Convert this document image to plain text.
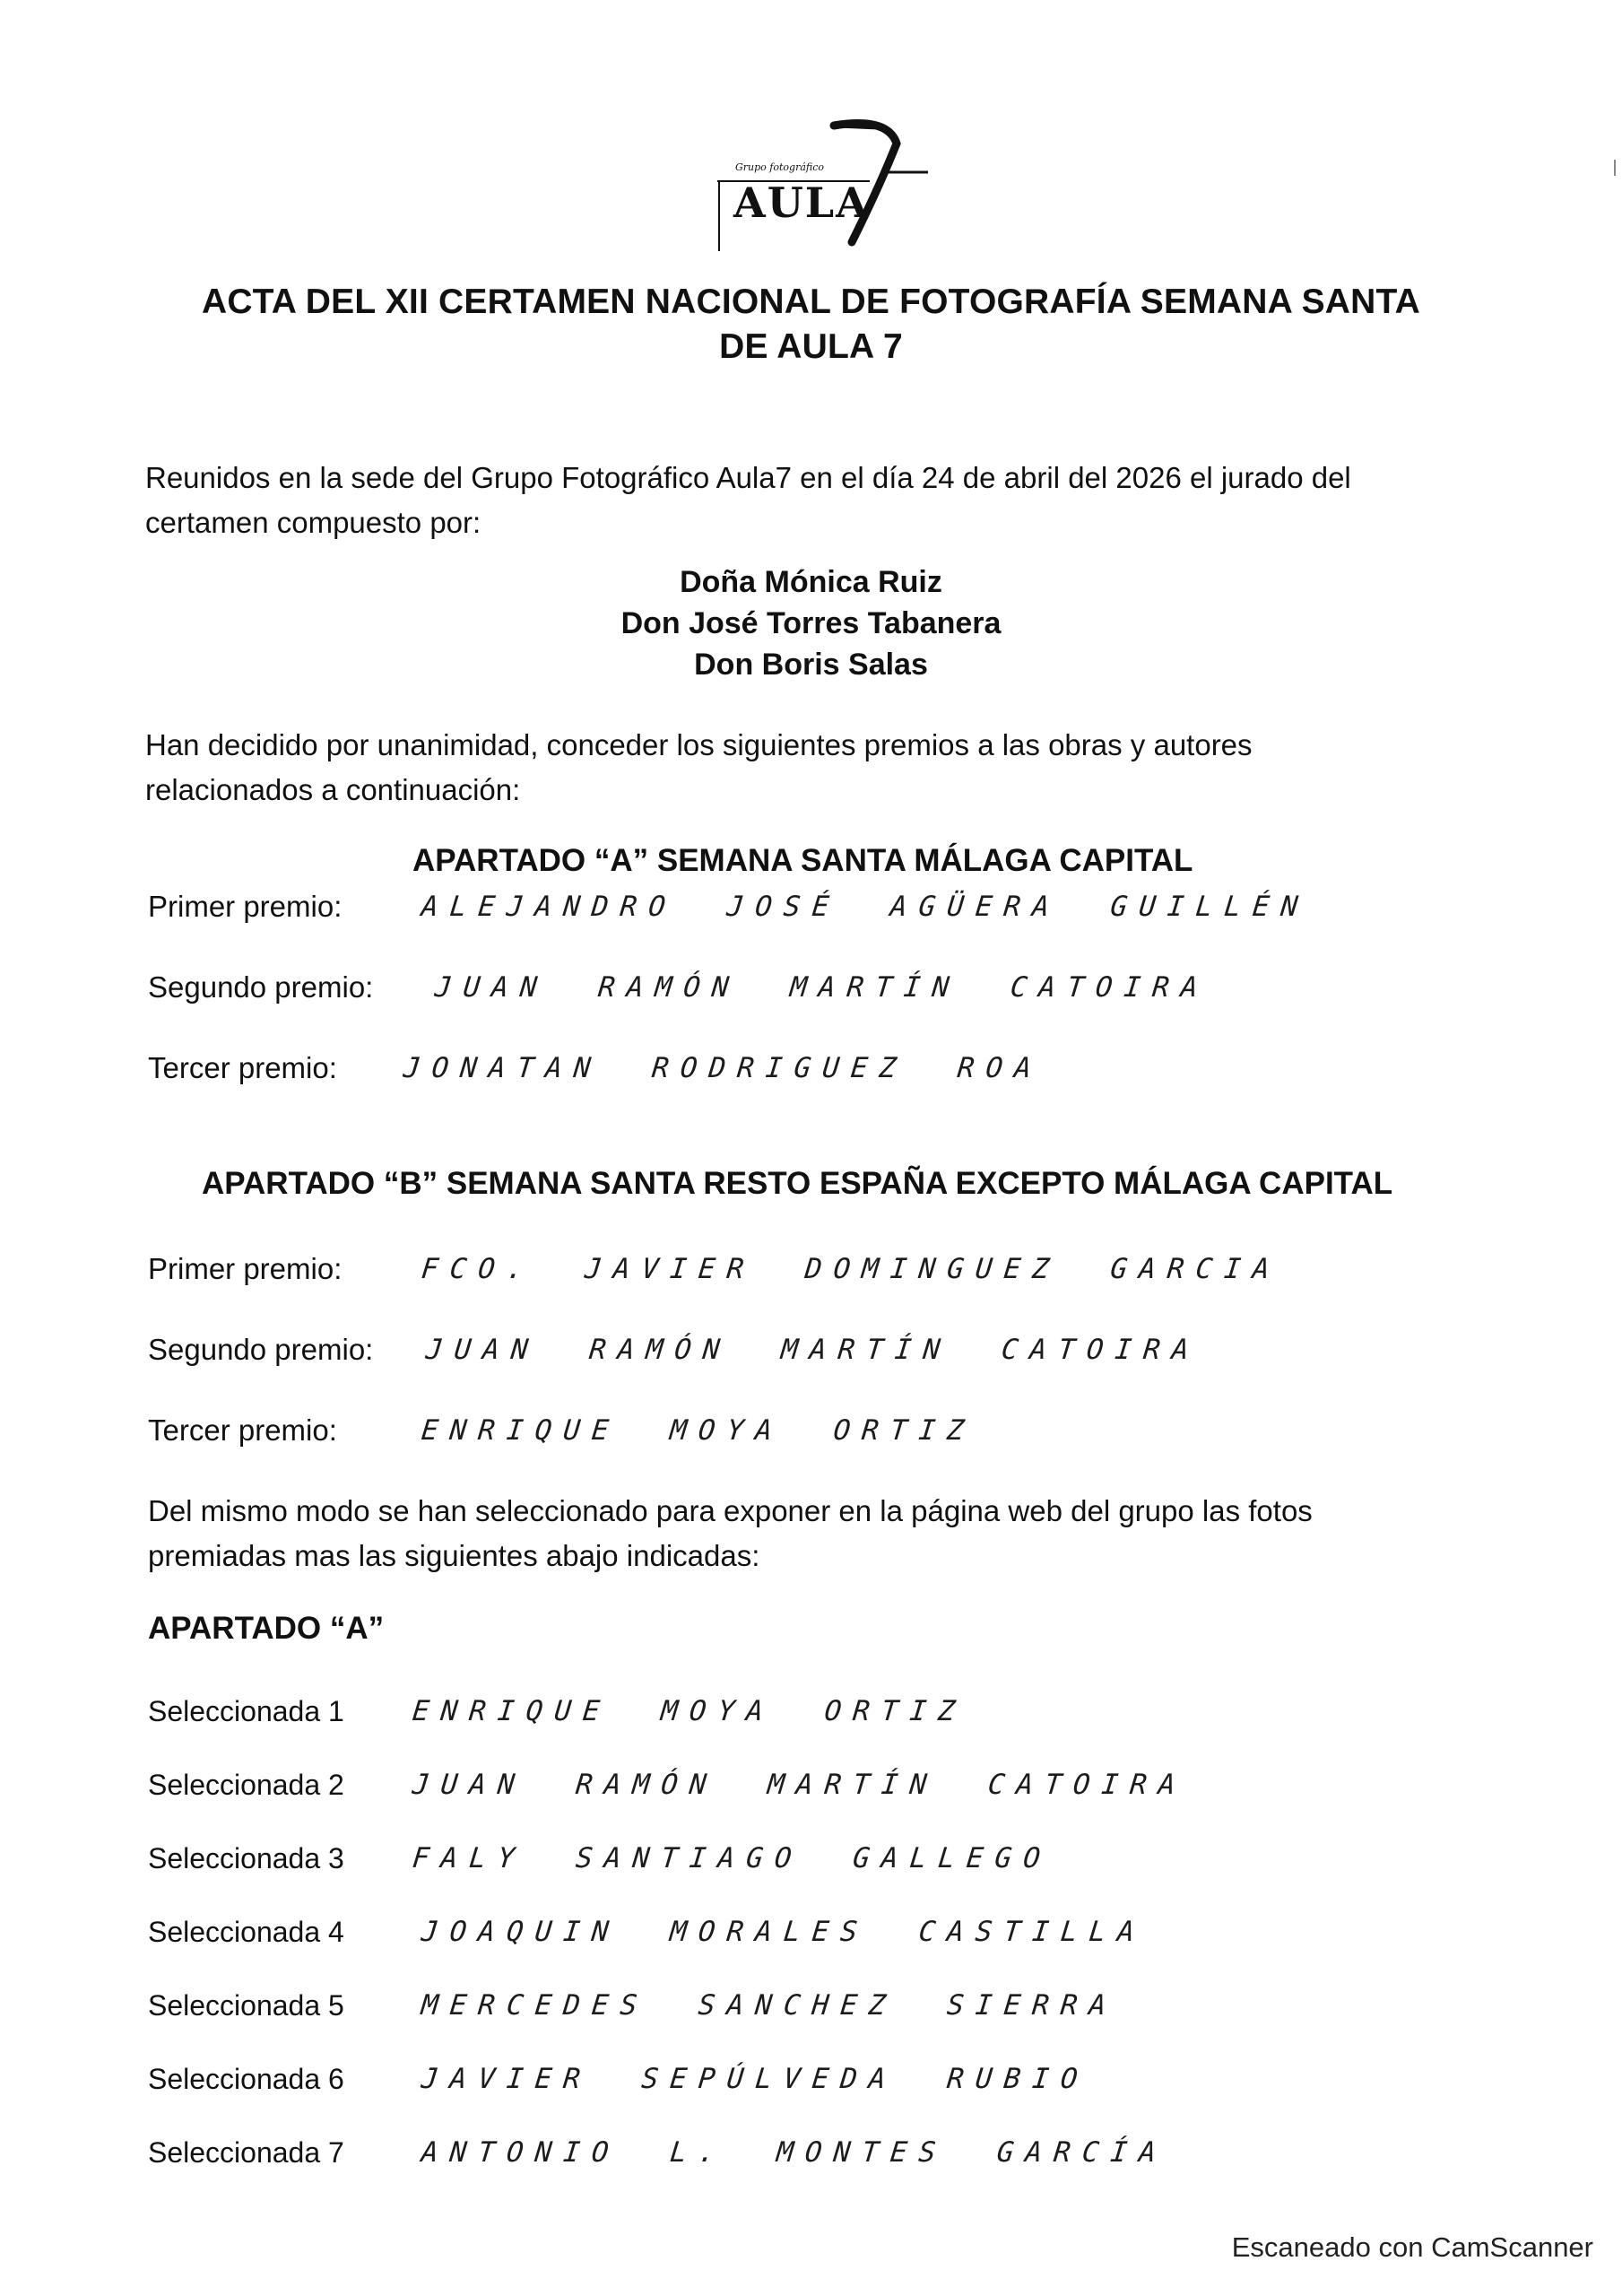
Grupo fotográfico
AULA
ACTA DEL XII CERTAMEN NACIONAL DE FOTOGRAFÍA SEMANA SANTA
DE AULA 7
Reunidos en la sede del Grupo Fotográfico Aula7 en el día 24 de abril del 2026 el jurado del
certamen compuesto por:
Doña Mónica Ruiz
Don José Torres Tabanera
Don Boris Salas
Han decidido por unanimidad, conceder los siguientes premios a las obras y autores
relacionados a continuación:
APARTADO “A” SEMANA SANTA MÁLAGA CAPITAL
Primer premio:	ALEJANDRO JOSÉ AGÜERA GUILLÉN
Segundo premio:	JUAN RAMÓN MARTÍN CATOIRA
Tercer premio:	JONATAN RODRIGUEZ ROA
APARTADO “B” SEMANA SANTA RESTO ESPAÑA EXCEPTO MÁLAGA CAPITAL
Primer premio:	FCO. JAVIER DOMINGUEZ GARCIA
Segundo premio:	JUAN RAMÓN MARTÍN CATOIRA
Tercer premio:	ENRIQUE MOYA ORTIZ
Del mismo modo se han seleccionado para exponer en la página web del grupo las fotos
premiadas mas las siguientes abajo indicadas:
APARTADO “A”
Seleccionada 1	ENRIQUE MOYA ORTIZ
Seleccionada 2	JUAN RAMÓN MARTÍN CATOIRA
Seleccionada 3	FALY SANTIAGO GALLEGO
Seleccionada 4	JOAQUIN MORALES CASTILLA
Seleccionada 5	MERCEDES SANCHEZ SIERRA
Seleccionada 6	JAVIER SEPÚLVEDA RUBIO
Seleccionada 7	ANTONIO L. MONTES GARCÍA
Escaneado con CamScanner
